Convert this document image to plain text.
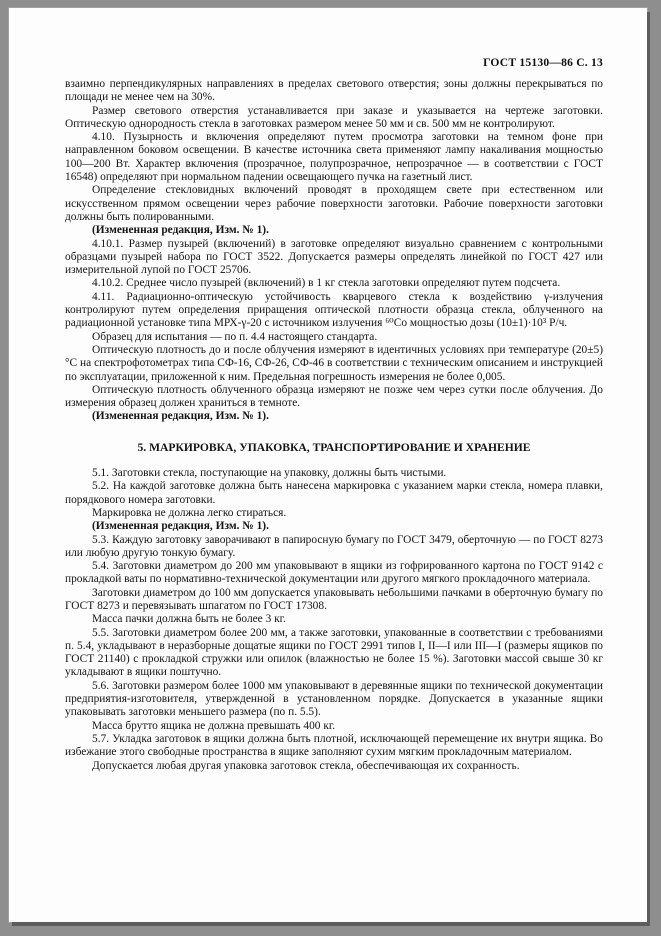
ГОСТ 15130—86 С. 13

взаимно перпендикулярных направлениях в пределах светового отверстия; зоны должны перекрываться по площади не менее чем на 30%.

Размер светового отверстия устанавливается при заказе и указывается на чертеже заготовки. Оптическую однородность стекла в заготовках размером менее 50 мм и св. 500 мм не контролируют.

4.10. Пузырность и включения определяют путем просмотра заготовки на темном фоне при направленном боковом освещении. В качестве источника света применяют лампу накаливания мощностью 100—200 Вт. Характер включения (прозрачное, полупрозрачное, непрозрачное — в соответствии с ГОСТ 16548) определяют при нормальном падении освещающего пучка на газетный лист.

Определение стекловидных включений проводят в проходящем свете при естественном или искусственном прямом освещении через рабочие поверхности заготовки. Рабочие поверхности заготовки должны быть полированными.

(Измененная редакция, Изм. № 1).

4.10.1. Размер пузырей (включений) в заготовке определяют визуально сравнением с контрольными образцами пузырей набора по ГОСТ 3522. Допускается размеры определять линейкой по ГОСТ 427 или измерительной лупой по ГОСТ 25706.

4.10.2. Среднее число пузырей (включений) в 1 кг стекла заготовки определяют путем подсчета.

4.11. Радиационно-оптическую устойчивость кварцевого стекла к воздействию γ-излучения контролируют путем определения приращения оптической плотности образца стекла, облученного на радиационной установке типа МРХ-γ-20 с источником излучения ⁶⁰Со мощностью дозы (10±1)·10³ Р/ч.

Образец для испытания — по п. 4.4 настоящего стандарта.

Оптическую плотность до и после облучения измеряют в идентичных условиях при температуре (20±5) °С на спектрофотометрах типа СФ-16, СФ-26, СФ-46 в соответствии с техническим описанием и инструкцией по эксплуатации, приложенной к ним. Предельная погрешность измерения не более 0,005.

Оптическую плотность облученного образца измеряют не позже чем через сутки после облучения. До измерения образец должен храниться в темноте.

(Измененная редакция, Изм. № 1).

5. МАРКИРОВКА, УПАКОВКА, ТРАНСПОРТИРОВАНИЕ И ХРАНЕНИЕ

5.1. Заготовки стекла, поступающие на упаковку, должны быть чистыми.

5.2. На каждой заготовке должна быть нанесена маркировка с указанием марки стекла, номера плавки, порядкового номера заготовки.

Маркировка не должна легко стираться.

(Измененная редакция, Изм. № 1).

5.3. Каждую заготовку заворачивают в папиросную бумагу по ГОСТ 3479, оберточную — по ГОСТ 8273 или любую другую тонкую бумагу.

5.4. Заготовки диаметром до 200 мм упаковывают в ящики из гофрированного картона по ГОСТ 9142 с прокладкой ваты по нормативно-технической документации или другого мягкого прокладочного материала.

Заготовки диаметром до 100 мм допускается упаковывать небольшими пачками в оберточную бумагу по ГОСТ 8273 и перевязывать шпагатом по ГОСТ 17308.

Масса пачки должна быть не более 3 кг.

5.5. Заготовки диаметром более 200 мм, а также заготовки, упакованные в соответствии с требованиями п. 5.4, укладывают в неразборные дощатые ящики по ГОСТ 2991 типов I, II—I или III—I (размеры ящиков по ГОСТ 21140) с прокладкой стружки или опилок (влажностью не более 15 %). Заготовки массой свыше 30 кг укладывают в ящики поштучно.

5.6. Заготовки размером более 1000 мм упаковывают в деревянные ящики по технической документации предприятия-изготовителя, утвержденной в установленном порядке. Допускается в указанные ящики упаковывать заготовки меньшего размера (по п. 5.5).

Масса брутто ящика не должна превышать 400 кг.

5.7. Укладка заготовок в ящики должна быть плотной, исключающей перемещение их внутри ящика. Во избежание этого свободные пространства в ящике заполняют сухим мягким прокладочным материалом.

Допускается любая другая упаковка заготовок стекла, обеспечивающая их сохранность.
